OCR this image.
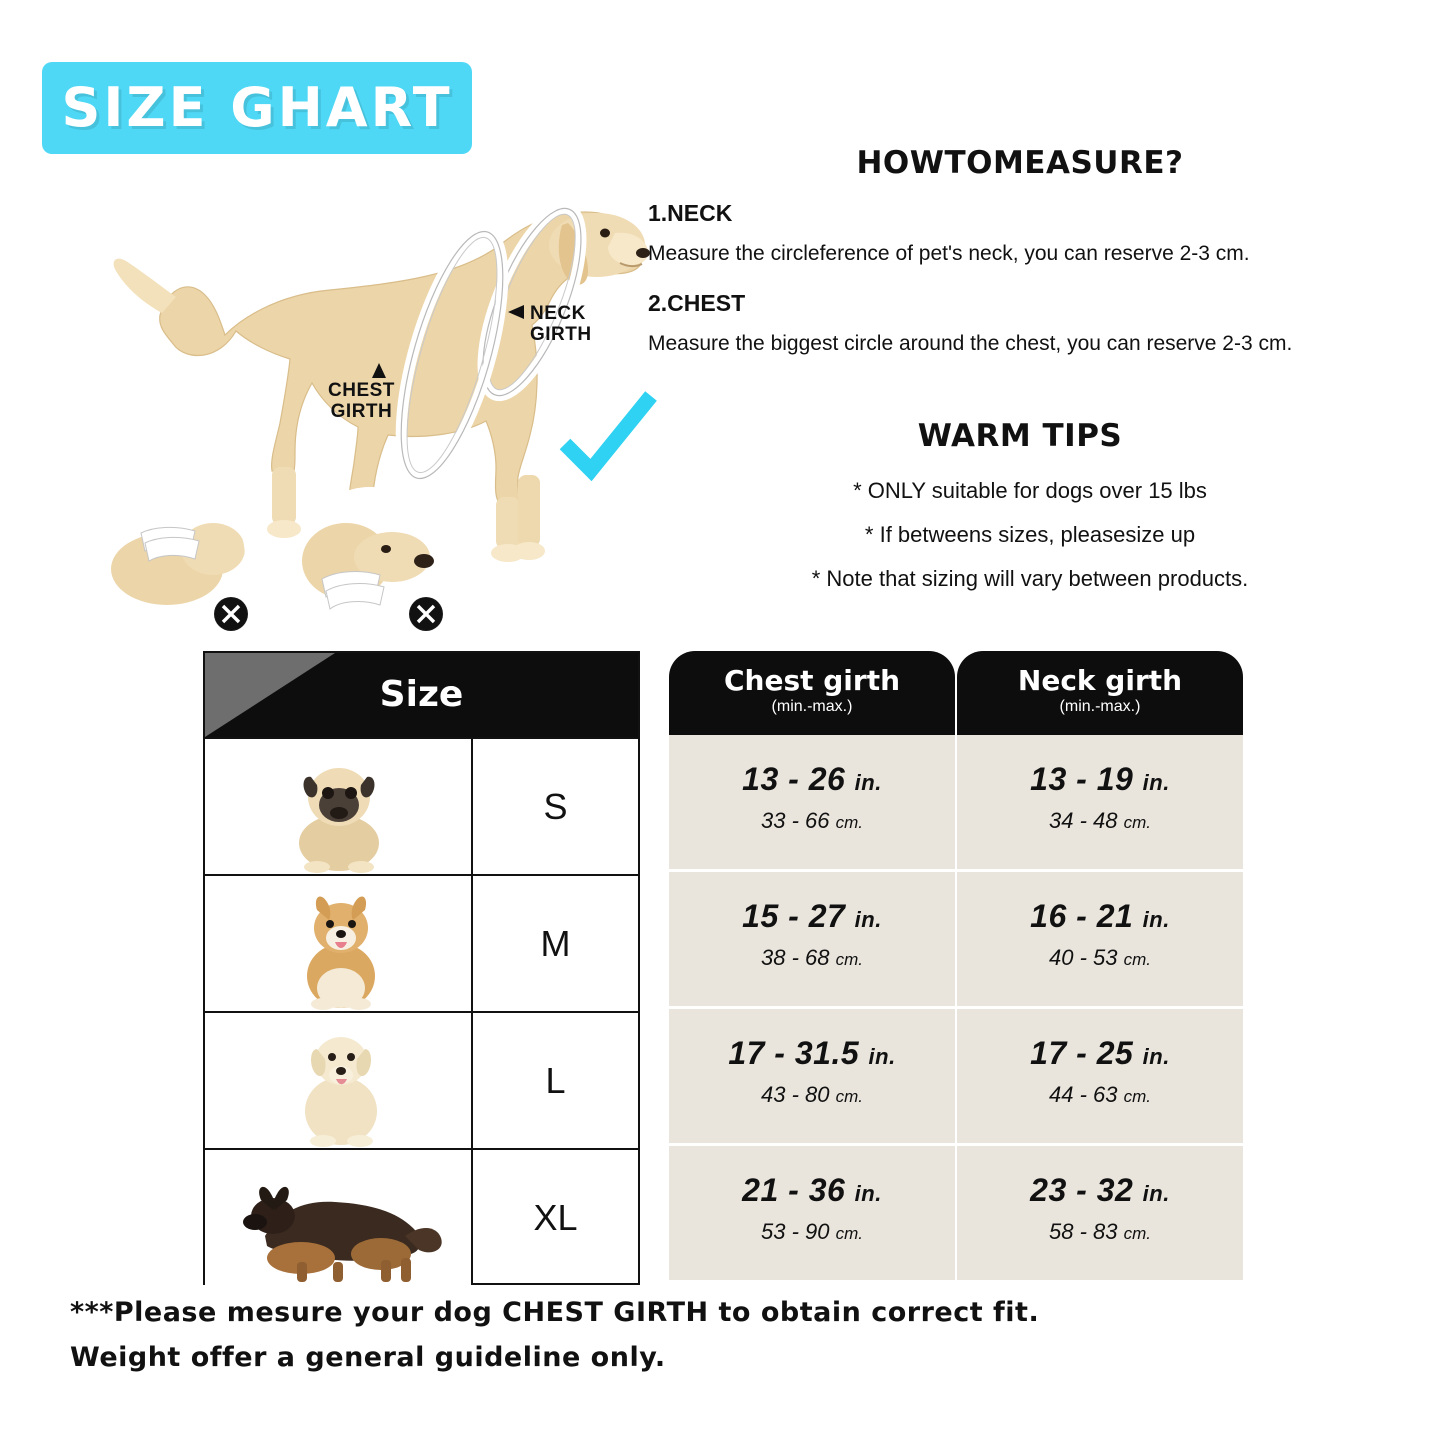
SIZE GHART
NECK
GIRTH
CHEST
GIRTH
HOWTOMEASURE?
1.NECK
Measure the circleference of pet's neck, you can reserve 2-3 cm.
2.CHEST
Measure the biggest circle around the chest, you can reserve 2-3 cm.
WARM TIPS
* ONLY suitable for dogs over 15 lbs
* If betweens sizes, pleasesize up
* Note that sizing will vary between products.
Size
S
M
L
XL
Chest girth
(min.-max.)
13 - 26 in.
33 - 66 cm.
15 - 27 in.
38 - 68 cm.
17 - 31.5 in.
43 - 80 cm.
21 - 36 in.
53 - 90 cm.
Neck girth
(min.-max.)
13 - 19 in.
34 - 48 cm.
16 - 21 in.
40 - 53 cm.
17 - 25 in.
44 - 63 cm.
23 - 32 in.
58 - 83 cm.
***Please mesure your dog CHEST GIRTH to obtain correct fit.
Weight offer a general guideline only.
